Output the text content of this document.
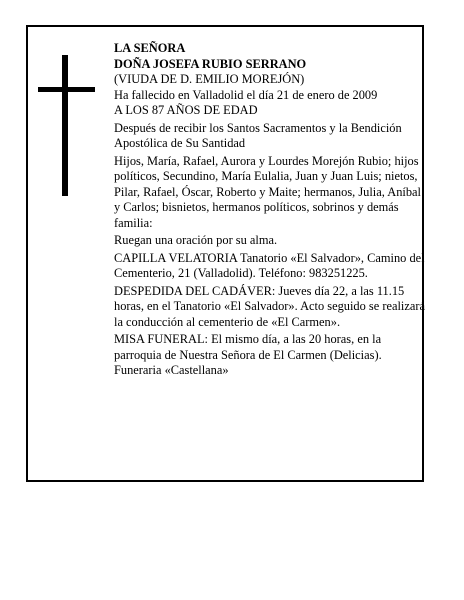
LA SEÑORA

DOÑA JOSEFA RUBIO SERRANO

(VIUDA DE D. EMILIO MOREJÓN)

Ha fallecido en Valladolid el día 21 de enero de 2009

A LOS 87 AÑOS DE EDAD

Después de recibir los Santos Sacramentos y la Bendición Apostólica de Su Santidad

Hijos, María, Rafael, Aurora y Lourdes Morejón Rubio; hijos políticos, Secundino, María Eulalia, Juan y Juan Luis; nietos, Pilar, Rafael, Óscar, Roberto y Maite; hermanos, Julia, Aníbal y Carlos; bisnietos, hermanos políticos, sobrinos y demás familia:

Ruegan una oración por su alma.

CAPILLA VELATORIA Tanatorio «El Salvador», Camino del Cementerio, 21 (Valladolid). Teléfono: 983251225.

DESPEDIDA DEL CADÁVER: Jueves día 22, a las 11.15 horas, en el Tanatorio «El Salvador». Acto seguido se realizará la conducción al cementerio de «El Carmen».

MISA FUNERAL: El mismo día, a las 20 horas, en la parroquia de Nuestra Señora de El Carmen (Delicias).

Funeraria «Castellana»
